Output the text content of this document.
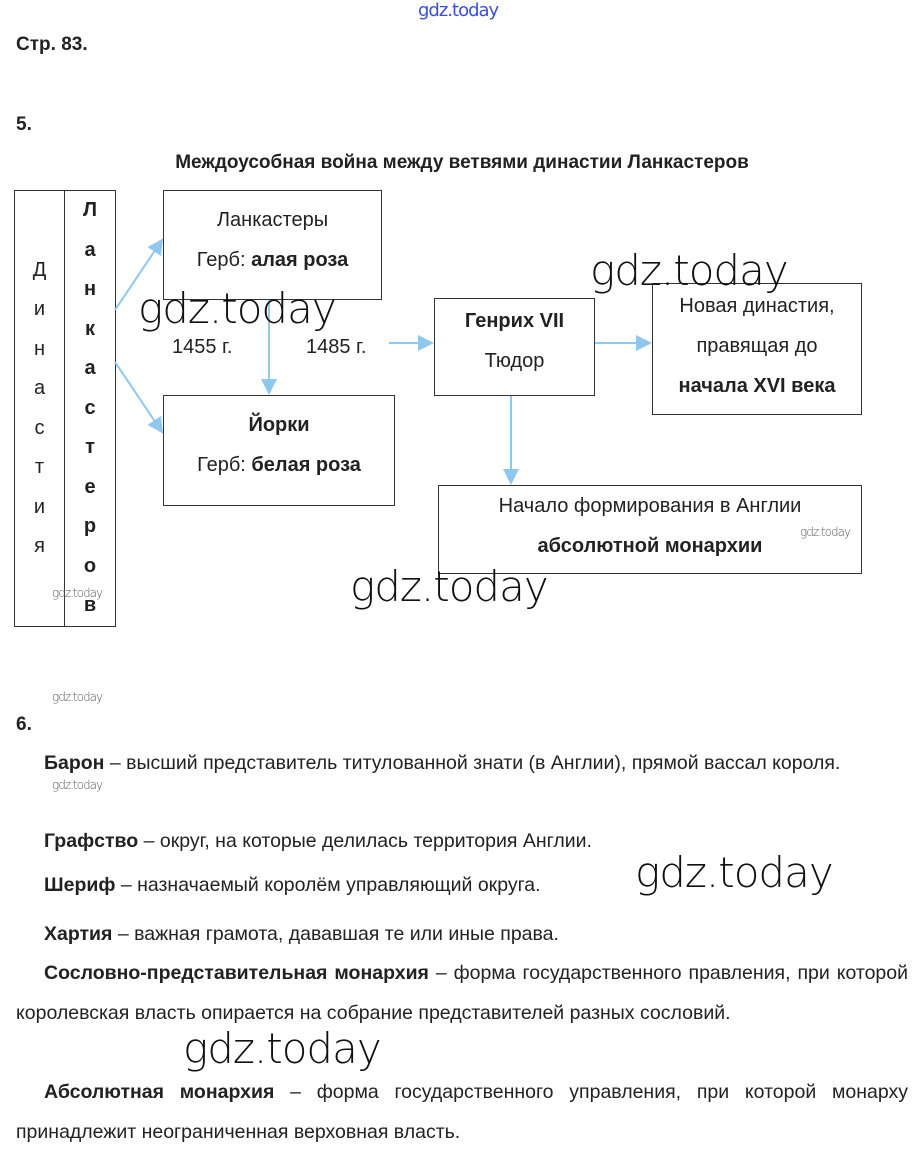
gdz.today
Стр. 83.
5.
Междоусобная война между ветвями династии Ланкастеров
Д
и
н
а
с
т
и
я
Л
а
н
к
а
с
т
е
р
о
в
Ланкастеры
Герб: алая роза
Йорки
Герб: белая роза
Генрих VII
Тюдор
Новая династия,
правящая до
начала XVI века
Начало формирования в Англии
абсолютной монархии
1455 г.	1485 г.
6.
Барон – высший представитель титулованной знати (в Англии), прямой вассал короля.
Графство – округ, на которые делилась территория Англии.
Шериф – назначаемый королём управляющий округа.
Хартия – важная грамота, дававшая те или иные права.
Сословно-представительная монархия – форма государственного правления, при которой королевская власть опирается на собрание представителей разных сословий.
Абсолютная монархия – форма государственного управления, при которой монарху принадлежит неограниченная верховная власть.
gdz.today
gdz.today
gdz.today
gdz.today
gdz.today
gdz.today
gdz.today
gdz.today
gdz.today
